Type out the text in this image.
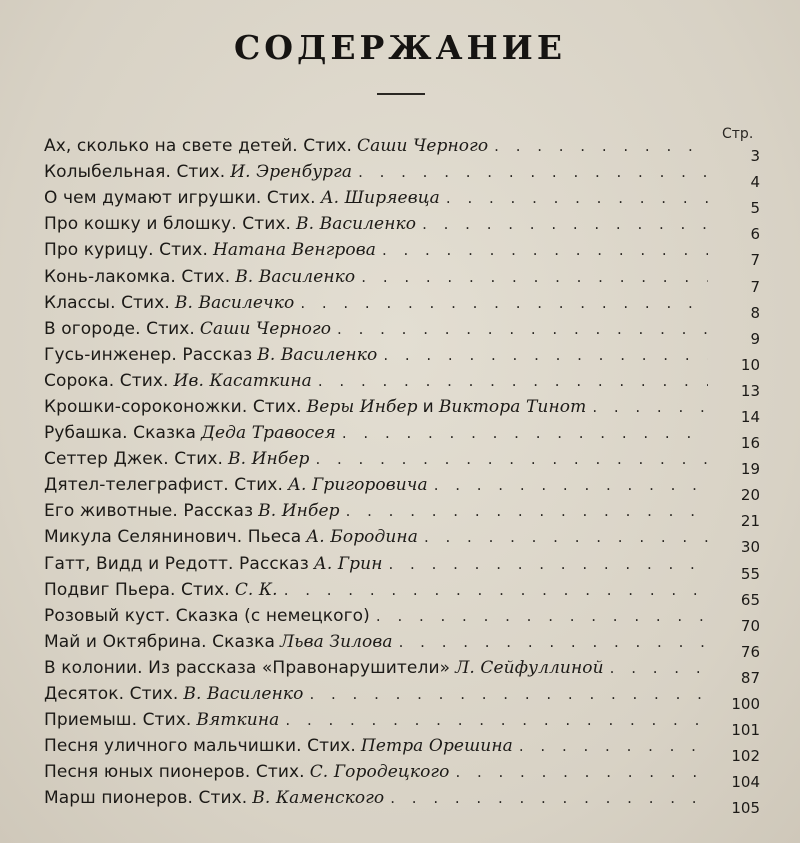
СОДЕРЖАНИЕ
Стр.
Ах, сколько на свете детей. Стих. Саши Черного
. . .	3
Колыбельная. Стих. И. Эренбурга
. . .	4
О чем думают игрушки. Стих. А. Ширяевца
. . .	5
Про кошку и блошку. Стих. В. Василенко
. . .	6
Про курицу. Стих. Натана Венгрова
. . .	7
Конь-лакомка. Стих. В. Василенко
. . .	7
Классы. Стих. В. Василечко
. . .	8
В огороде. Стих. Саши Черного
. . .	9
Гусь-инженер. Рассказ В. Василенко
. . .	10
Сорока. Стих. Ив. Касаткина
. . .	13
Крошки-сороконожки. Стих. Веры Инбер и Виктора Тинот
. . .	14
Рубашка. Сказка Деда Травосея
. . .	16
Сеттер Джек. Стих. В. Инбер
. . .	19
Дятел-телеграфист. Стих. А. Григоровича
. . .	20
Его животные. Рассказ В. Инбер
. . .	21
Микула Селянинович. Пьеса А. Бородина
. . .	30
Гатт, Видд и Редотт. Рассказ А. Грин
. . .	55
Подвиг Пьера. Стих. С. К.
. . .	65
Розовый куст. Сказка (с немецкого)
. . .	70
Май и Октябрина. Сказка Льва Зилова
. . .	76
В колонии. Из рассказа «Правонарушители» Л. Сейфуллиной
. . .	87
Десяток. Стих. В. Василенко
. . .	100
Приемыш. Стих. Вяткина
. . .	101
Песня уличного мальчишки. Стих. Петра Орешина
. . .	102
Песня юных пионеров. Стих. С. Городецкого
. . .	104
Марш пионеров. Стих. В. Каменского
. . .	105
